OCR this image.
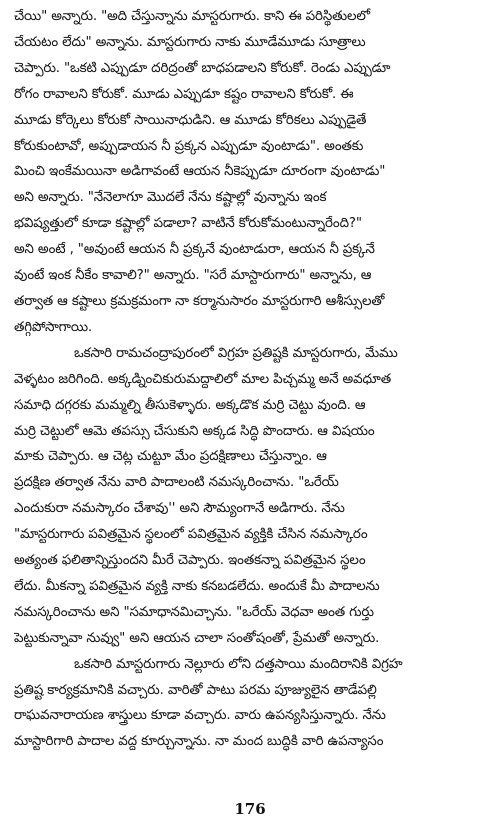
చేయి" అన్నారు. "అది చేస్తున్నాను మాస్టరుగారు. కాని ఈ పరిస్థితులలో
చేయటం లేదు" అన్నాను. మాస్టరుగారు నాకు మూడేమూడు సూత్రాలు
చెప్పారు. "ఒకటి ఎప్పుడూ దరిద్రంతో బాధపడాలని కోరుకో. రెండు ఎప్పుడూ
రోగం రావాలని కోరుకో. మూడు ఎప్పుడూ కష్టం రావాలని కోరుకో. ఈ
మూడు కోర్కెలు కోరుకో సాయినాధుడిని. ఆ మూడు కోరికలు ఎప్పుడైతే
కోరుకుంటావో, అప్పుడాయన నీ ప్రక్కన ఎప్పుడూ వుంటాడు". అంతకు
మించి ఇంకేమయినా అడిగావంటే ఆయన నీకెప్పుడూ దూరంగా వుంటాడు"
అని అన్నారు. "నేనెలాగూ మొదలే నేను కష్టాల్లో వున్నాను ఇంక
భవిష్యత్తులో కూడా కష్టాల్లో పడాలా? వాటినే కోరుకోమంటున్నారేంది?"
అని అంటే , "అవుంటే ఆయన నీ ప్రక్కనే వుంటాడురా, ఆయన నీ ప్రక్కనే
వుంటే ఇంక నీకేం కావాలి?" అన్నారు. "సరే మాస్టారుగారు" అన్నాను, ఆ
తర్వాత ఆ కష్టాలు క్రమక్రమంగా నా కర్మానుసారం మాస్టరుగారి ఆశీస్సులతో
తగ్గిపోసాగాయి.
ఒకసారి రామచంద్రాపురంలో విగ్రహ ప్రతిష్టకి మాస్టరుగారు, మేము
వెళ్ళటం జరిగింది. అక్కడ్నించికురుమద్దాలిలో మాల పిచ్చమ్మ అనే అవధూత
సమాధి దగ్గరకు మమ్మల్ని తీసుకెళ్ళారు. అక్కడొక మర్రి చెట్టు వుంది. ఆ
మర్రి చెట్టులో ఆమె తపస్సు చేసుకుని అక్కడ సిద్ధి పొందారు. ఆ విషయం
మాకు చెప్పారు. ఆ చెట్ల చుట్టూ మేం ప్రదక్షిణాలు చేస్తున్నాం. ఆ
ప్రదక్షిణ తర్వాత నేను వారి పాదాలంటి నమస్కరించాను. "ఒరేయ్
ఎందుకురా నమస్కారం చేశావు'' అని సౌమ్యంగానే అడిగారు. నేను
"మాస్టరుగారు పవిత్రమైన స్థలంలో పవిత్రమైన వ్యక్తికి చేసిన నమస్కారం
అత్యంత ఫలితాన్నిస్తుందని మీరే చెప్పారు. ఇంతకన్నా పవిత్రమైన స్థలం
లేదు. మీకన్నా పవిత్రమైన వ్యక్తి నాకు కనబడలేదు. అందుకే మీ పాదాలను
నమస్కరించాను అని "సమాధానమిచ్చాను. "ఒరేయ్ వెధవా అంత గుర్తు
పెట్టుకున్నావా నువ్వు" అని ఆయన చాలా సంతోషంతో, ప్రేమతో అన్నారు.
ఒకసారి మాస్టరుగారు నెల్లూరు లోని దత్తసాయి మందిరానికి విగ్రహ
ప్రతిష్ట కార్యక్రమానికి వచ్చారు. వారితో పాటు పరమ పూజ్యులైన తాడేపల్లి
రాఘవనారాయణ శాస్త్రులు కూడా వచ్చారు. వారు ఉపన్యసిస్తున్నారు. నేను
మాస్టారిగారి పాదాల వద్ద కూర్చున్నాను. నా మంద బుద్ధికి వారి ఉపన్యాసం
176
